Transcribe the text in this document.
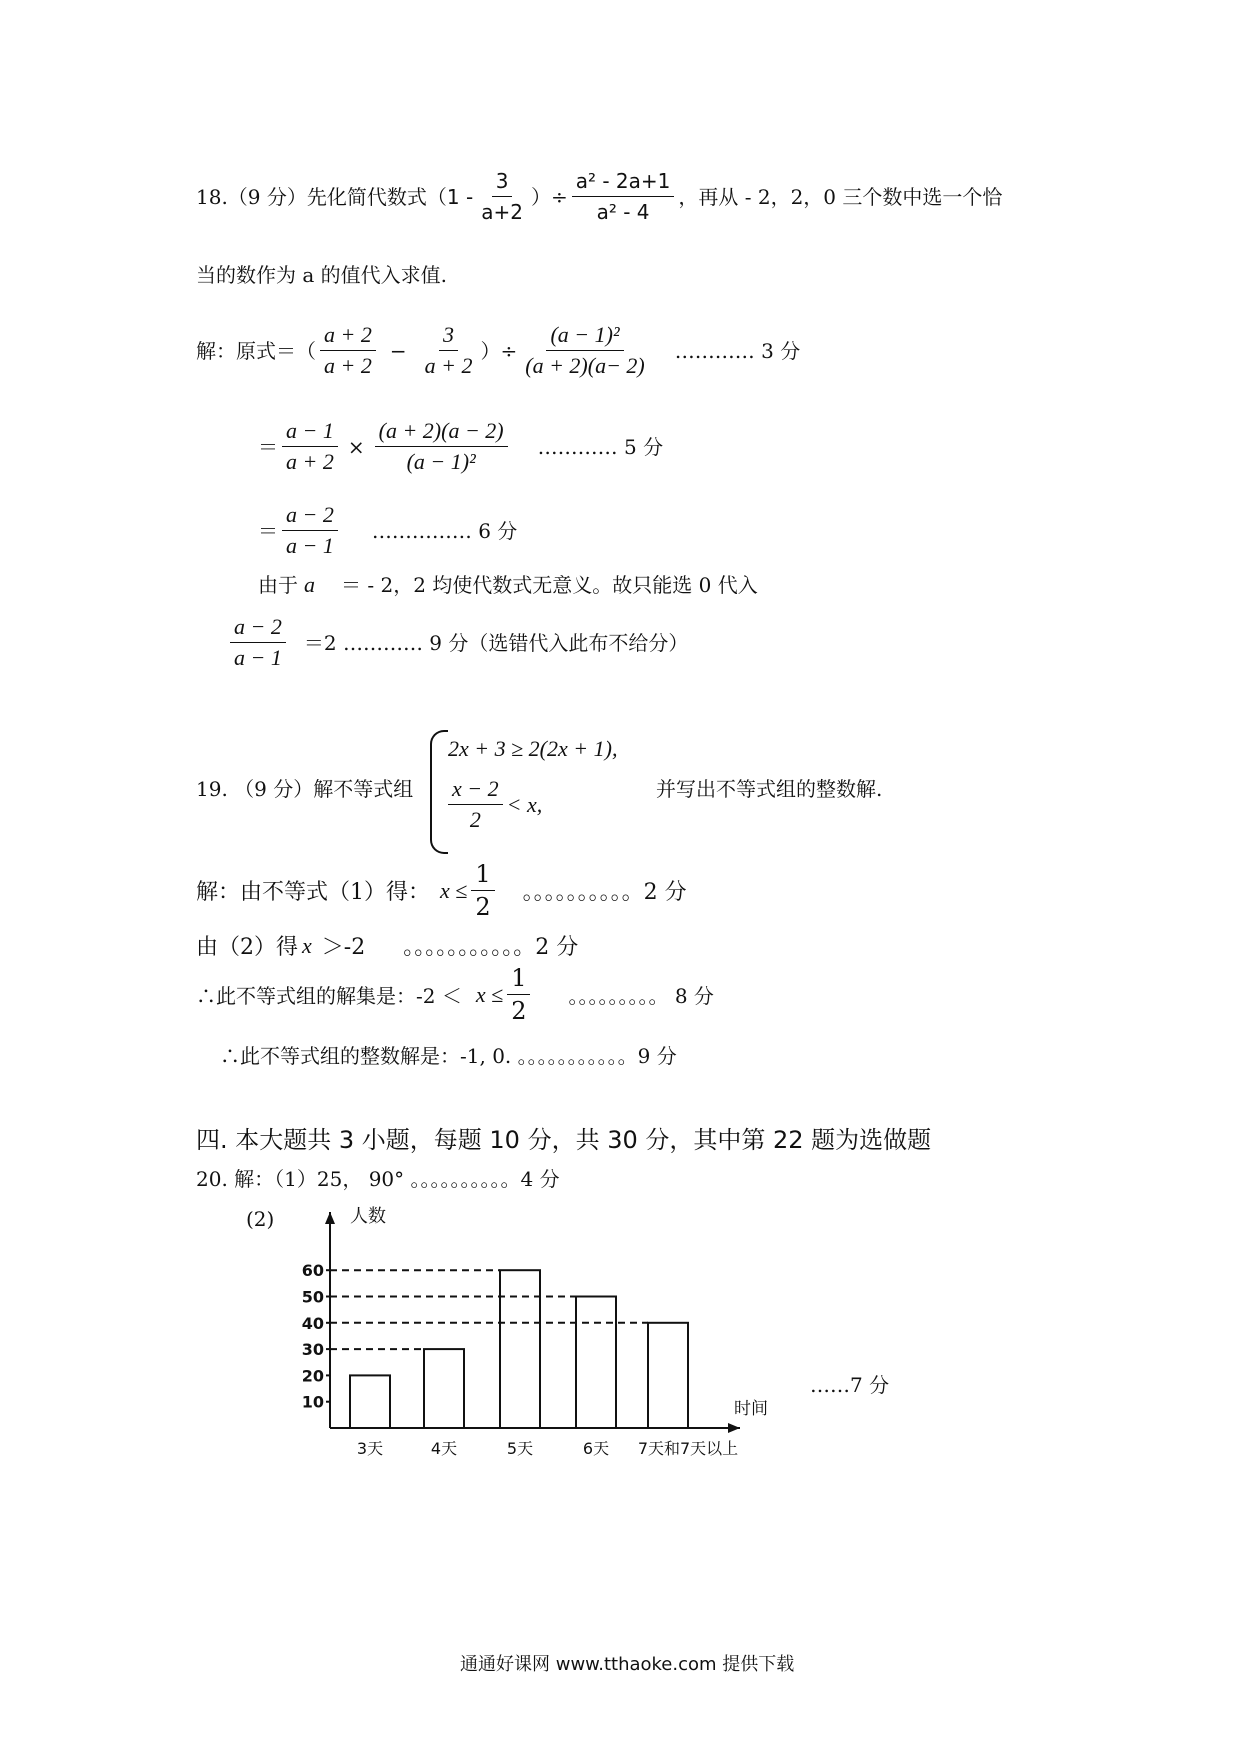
18.（9 分）先化简代数式（ $1 - \frac{3}{a+2}$ ）÷ $\frac{\text{a² - 2a+1}}{\text{a² - 4}}$ ，再从 - 2，2，0 三个数中选一个恰
当的数作为 a 的值代入求值.
解：原式＝（ $\frac{a + 2}{a + 2} - \frac{3}{a + 2}$ ）÷ $\frac{\text{(a − 1)²}}{(a + 2)(a- 2)}$ ………… 3 分
＝ $\frac{a - 1}{a + 2} \times \frac{(a + 2)(a - 2)}{\text{(a − 1)²}}$ ………… 5 分
＝ $\frac{a - 2}{a - 1}$ …………… 6 分
由于 a ＝ - 2，2 均使代数式无意义。故只能选 0 代入
$\frac{a - 2}{a - 1} =2$ ………… 9 分（选错代入此布不给分）
19. （9 分）解不等式组
2x + 3 ≥ 2(2x + 1),
$\frac{x - 2}{2} < x$,
并写出不等式组的整数解.
解：由不等式（1）得： $x \le \frac{1}{2}$ 。。。。。。。。。。2 分
由（2）得 x ＞-2 。。。。。。。。。。。2 分
∴此不等式组的解集是：$-2 < x \le \frac{1}{2}$ 。。。。。。。。。 8 分
∴此不等式组的整数解是：-1, 0. 。。。。。。。。。。。9 分
四. 本大题共 3 小题，每题 10 分，共 30 分，其中第 22 题为选做题
20. 解：（1）25， 90° 。。。。。。。。。。4 分
(2)
……7 分
人数
时间
10
20
30
40
50
60
3天	4天	5天	6天 7天和7天以上
通通好课网 www.tthaoke.com 提供下载
